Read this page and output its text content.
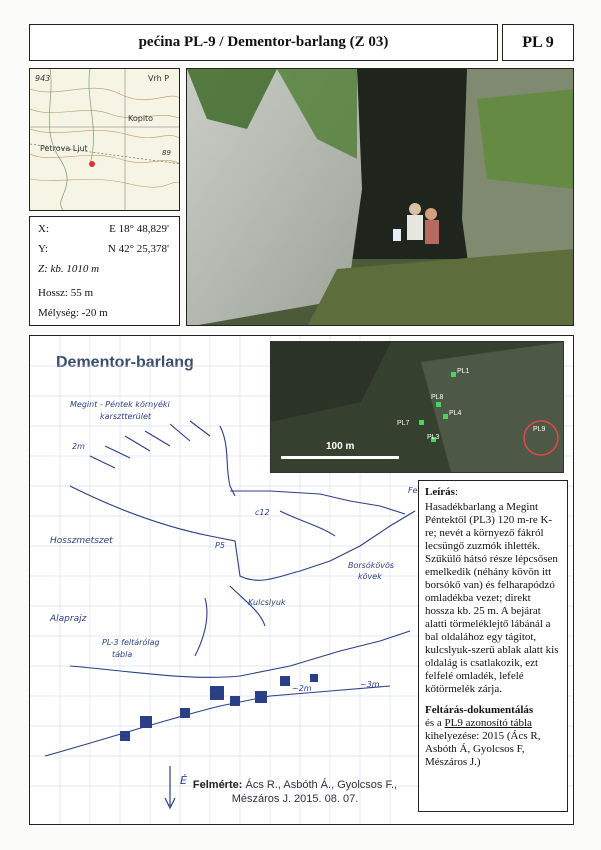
pećina PL-9 / Dementor-barlang (Z 03)	PL 9
943	Vrh P
Kopito
Petrova Ljut	89
X:	E 18° 48,829'
Y:	N 42° 25,378'
Z: kb. 1010 m
Hossz: 55 m
Mélység: -20 m
Dementor-barlang
Megint - Péntek környéki
karsztterület
2m
Hosszmetszet
Alaprajz
P5
c12
Fe
Borsókövös
kövek
Kulcslyuk
PL-3 feltárólag
tábla
~2m	~3m
É
PL1
PL8
PL4
PL7
PL3
PL9
100 m
Leírás:
Hasadékbarlang a Megint Péntektől (PL3) 120 m-re K-re; nevét a környező fákról lecsüngő zuzmók ihlették. Szűkülő hátsó része lépcsősen emelkedik (néhány kövön itt borsókő van) és felharapódzó omladékba vezet; direkt hossza kb. 25 m. A bejárat alatti törmeléklejtő lábánál a bal oldalához egy tágítot, kulcslyuk-szerű ablak alatt kis oldalág is csatlakozik, ezt felfelé omladék, lefelé kőtörmelék zárja.
Feltárás-dokumentálás
és a PL9 azonosító tábla
kihelyezése: 2015 (Ács R, Asbóth Á, Gyolcsos F, Mészáros J.)
Felmérte: Ács R., Asbóth Á., Gyolcsos F.,
Mészáros J. 2015. 08. 07.
